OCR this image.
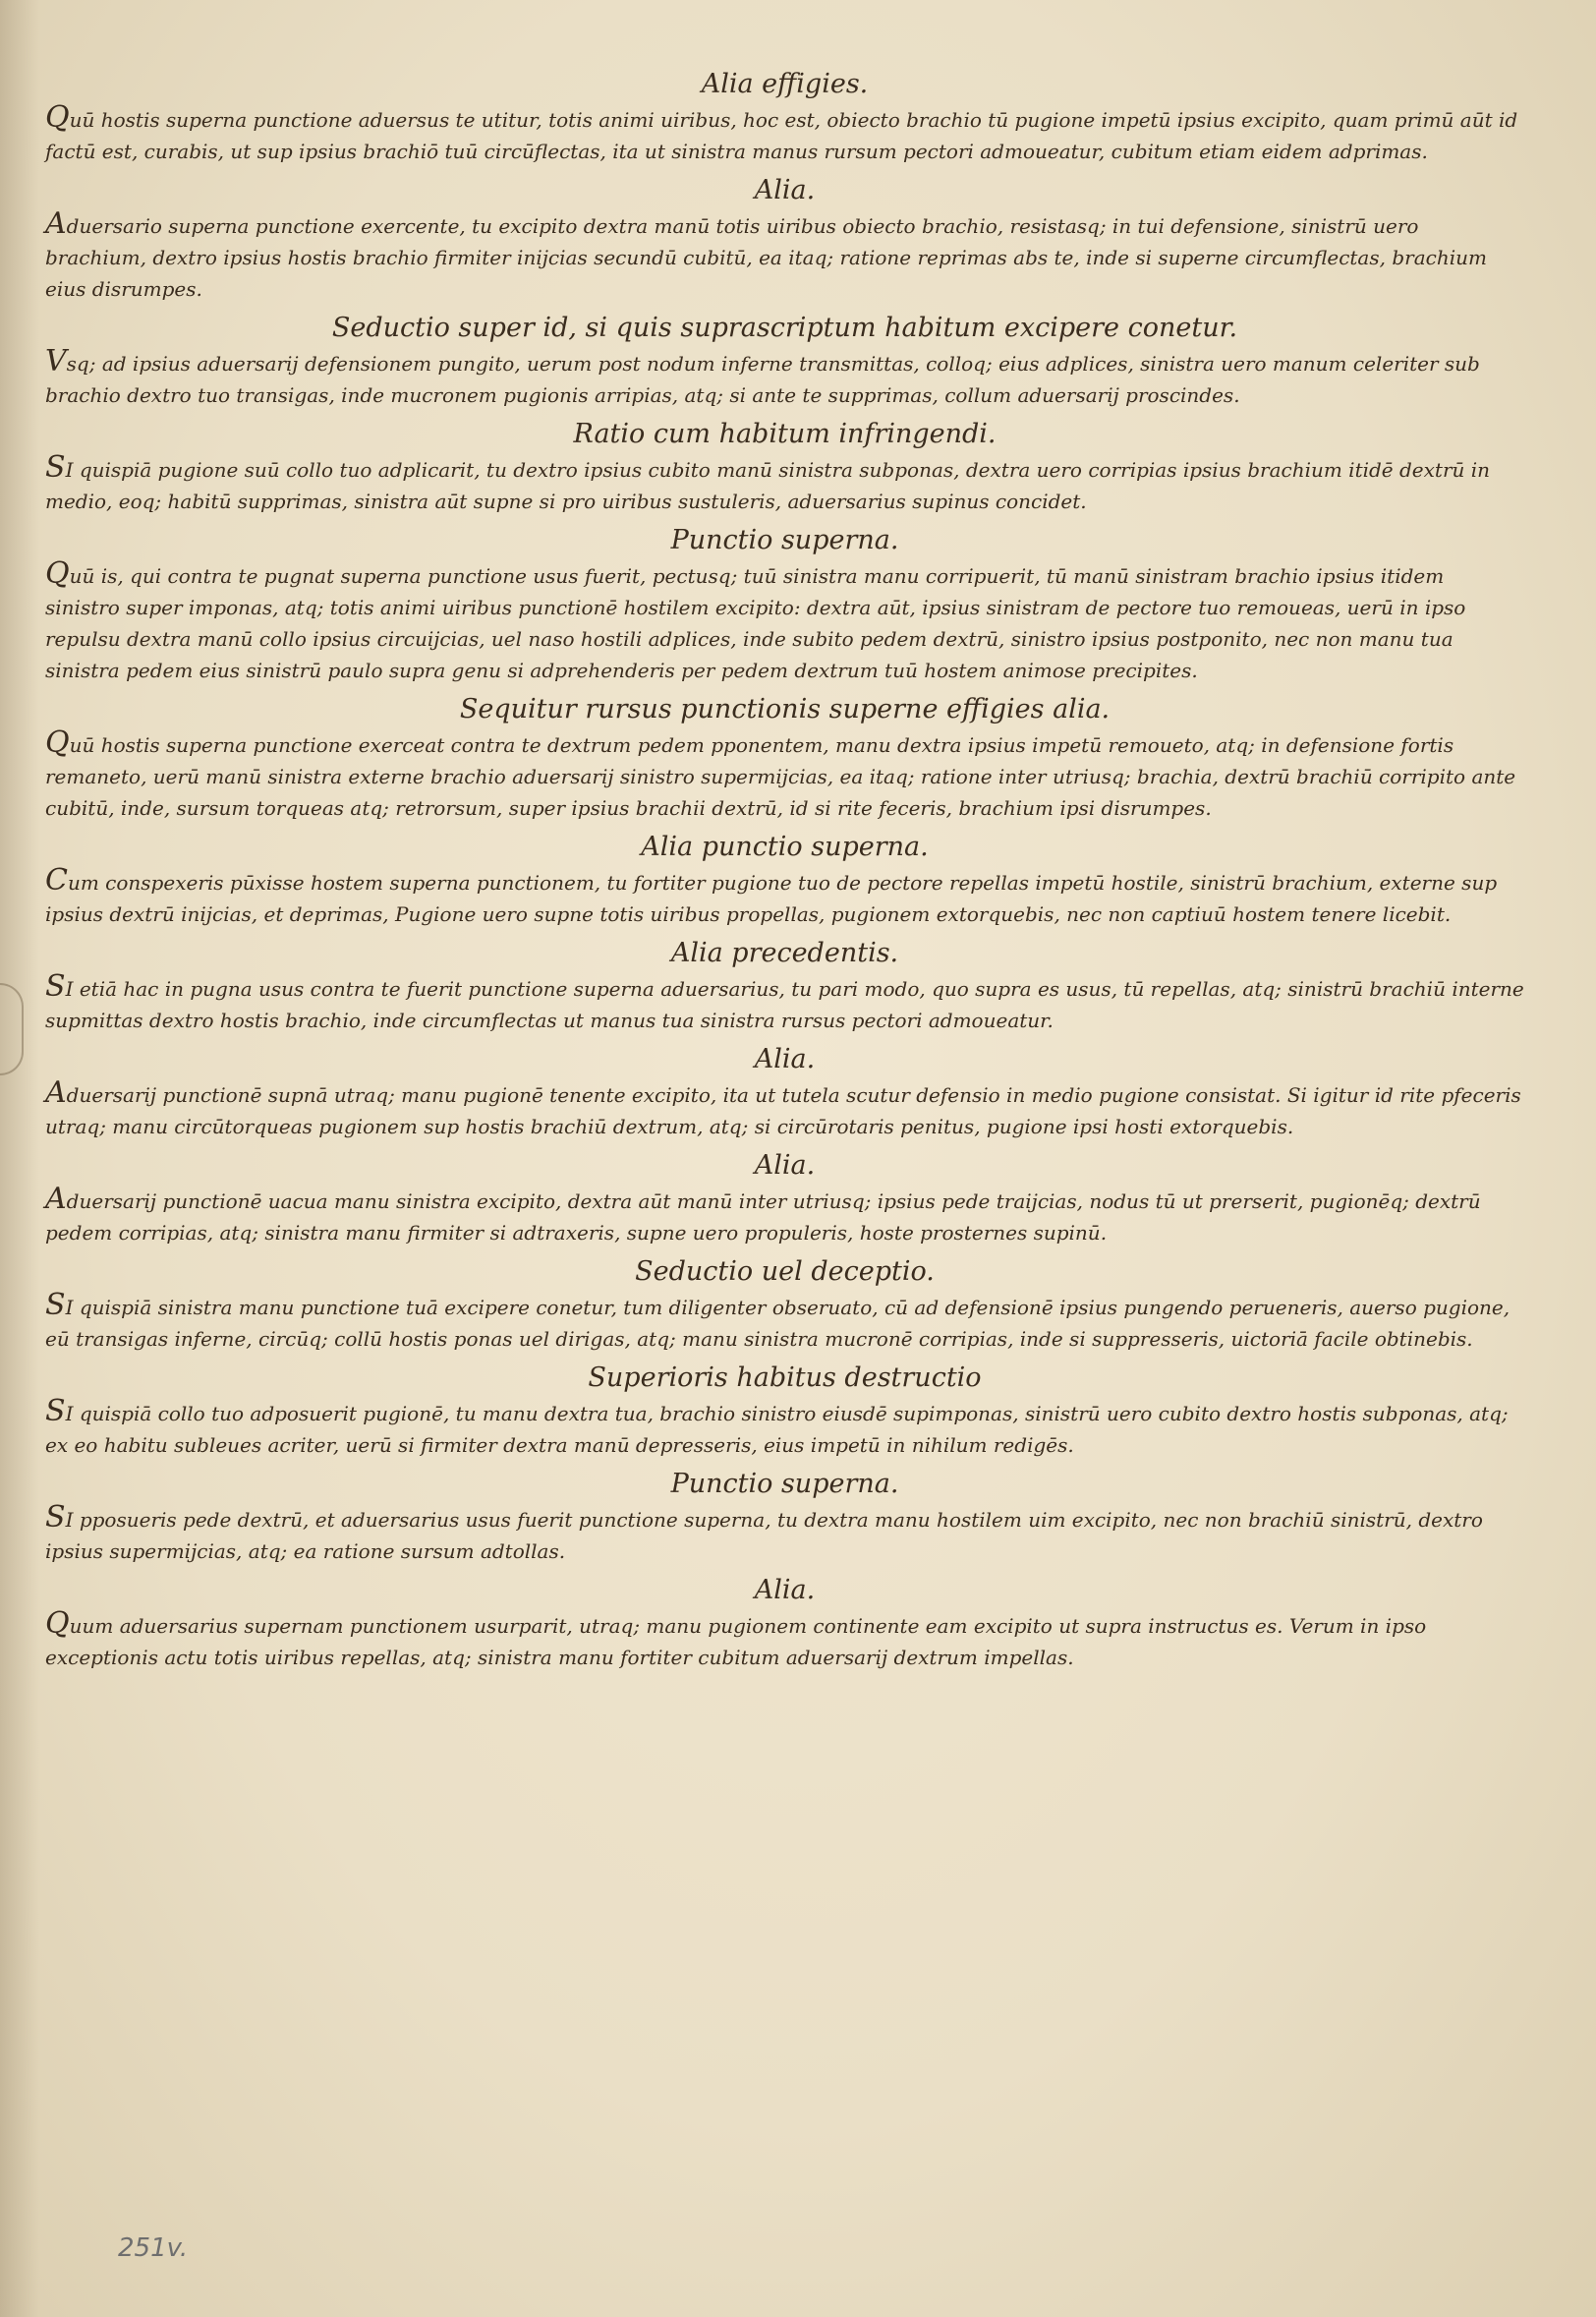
Alia effigies.

Quū hostis superna punctione aduersus te utitur, totis animi uiribus, hoc est, obiecto brachio tū pugione impetū ipsius excipito, quam primū aūt id factū est, curabis, ut sup ipsius brachiō tuū circūflectas, ita ut sinistra manus rursum pectori admoueatur, cubitum etiam eidem adprimas.

Alia.

Aduersario superna punctione exercente, tu excipito dextra manū totis uiribus obiecto brachio, resistasq; in tui defensione, sinistrū uero brachium, dextro ipsius hostis brachio firmiter inijcias secundū cubitū, ea itaq; ratione reprimas abs te, inde si superne circumflectas, brachium eius disrumpes.

Seductio super id, si quis suprascriptum habitum excipere conetur.

Vsq; ad ipsius aduersarij defensionem pungito, uerum post nodum inferne transmittas, colloq; eius adplices, sinistra uero manum celeriter sub brachio dextro tuo transigas, inde mucronem pugionis arripias, atq; si ante te supprimas, collum aduersarij proscindes.

Ratio cum habitum infringendi.

SI quispiā pugione suū collo tuo adplicarit, tu dextro ipsius cubito manū sinistra subponas, dextra uero corripias ipsius brachium itidē dextrū in medio, eoq; habitū supprimas, sinistra aūt supne si pro uiribus sustuleris, aduersarius supinus concidet.

Punctio superna.

Quū is, qui contra te pugnat superna punctione usus fuerit, pectusq; tuū sinistra manu corripuerit, tū manū sinistram brachio ipsius itidem sinistro super imponas, atq; totis animi uiribus punctionē hostilem excipito: dextra aūt, ipsius sinistram de pectore tuo remoueas, uerū in ipso repulsu dextra manū collo ipsius circuijcias, uel naso hostili adplices, inde subito pedem dextrū, sinistro ipsius postponito, nec non manu tua sinistra pedem eius sinistrū paulo supra genu si adprehenderis per pedem dextrum tuū hostem animose precipites.

Sequitur rursus punctionis superne effigies alia.

Quū hostis superna punctione exerceat contra te dextrum pedem pponentem, manu dextra ipsius impetū remoueto, atq; in defensione fortis remaneto, uerū manū sinistra externe brachio aduersarij sinistro supermijcias, ea itaq; ratione inter utriusq; brachia, dextrū brachiū corripito ante cubitū, inde, sursum torqueas atq; retrorsum, super ipsius brachii dextrū, id si rite feceris, brachium ipsi disrumpes.

Alia punctio superna.

Cum conspexeris pūxisse hostem superna punctionem, tu fortiter pugione tuo de pectore repellas impetū hostile, sinistrū brachium, externe sup ipsius dextrū inijcias, et deprimas, Pugione uero supne totis uiribus propellas, pugionem extorquebis, nec non captiuū hostem tenere licebit.

Alia precedentis.

SI etiā hac in pugna usus contra te fuerit punctione superna aduersarius, tu pari modo, quo supra es usus, tū repellas, atq; sinistrū brachiū interne supmittas dextro hostis brachio, inde circumflectas ut manus tua sinistra rursus pectori admoueatur.

Alia.

Aduersarij punctionē supnā utraq; manu pugionē tenente excipito, ita ut tutela scutur defensio in medio pugione consistat. Si igitur id rite pfeceris utraq; manu circūtorqueas pugionem sup hostis brachiū dextrum, atq; si circūrotaris penitus, pugione ipsi hosti extorquebis.

Alia.

Aduersarij punctionē uacua manu sinistra excipito, dextra aūt manū inter utriusq; ipsius pede traijcias, nodus tū ut prerserit, pugionēq; dextrū pedem corripias, atq; sinistra manu firmiter si adtraxeris, supne uero propuleris, hoste prosternes supinū.

Seductio uel deceptio.

SI quispiā sinistra manu punctione tuā excipere conetur, tum diligenter obseruato, cū ad defensionē ipsius pungendo perueneris, auerso pugione, eū transigas inferne, circūq; collū hostis ponas uel dirigas, atq; manu sinistra mucronē corripias, inde si suppresseris, uictoriā facile obtinebis.

Superioris habitus destructio

SI quispiā collo tuo adposuerit pugionē, tu manu dextra tua, brachio sinistro eiusdē supimponas, sinistrū uero cubito dextro hostis subponas, atq; ex eo habitu subleues acriter, uerū si firmiter dextra manū depresseris, eius impetū in nihilum redigēs.

Punctio superna.

SI pposueris pede dextrū, et aduersarius usus fuerit punctione superna, tu dextra manu hostilem uim excipito, nec non brachiū sinistrū, dextro ipsius supermijcias, atq; ea ratione sursum adtollas.

Alia.

Quum aduersarius supernam punctionem usurparit, utraq; manu pugionem continente eam excipito ut supra instructus es. Verum in ipso exceptionis actu totis uiribus repellas, atq; sinistra manu fortiter cubitum aduersarij dextrum impellas.

251v.
